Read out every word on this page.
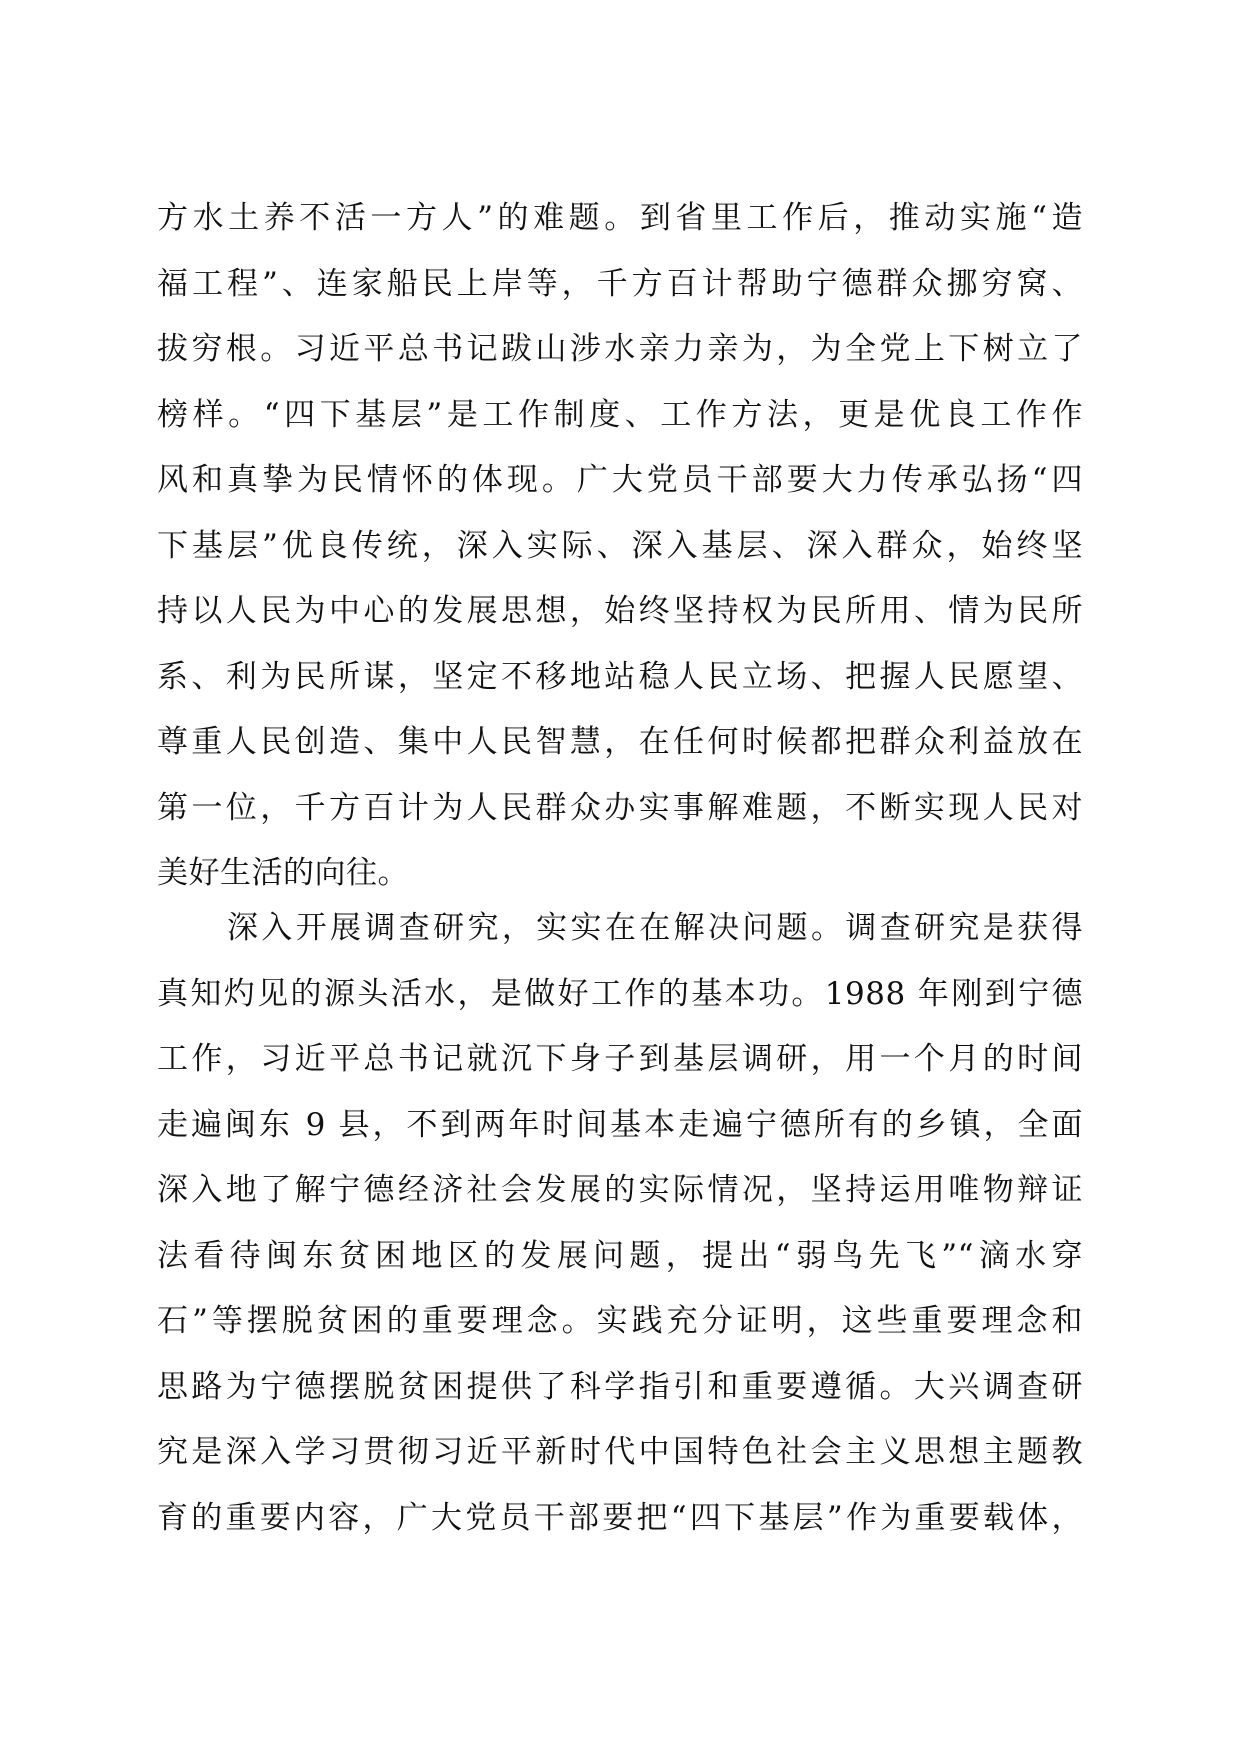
方水土养不活一方人”的难题。到省里工作后，推动实施“造
福工程”、连家船民上岸等，千方百计帮助宁德群众挪穷窝、
拔穷根。习近平总书记跋山涉水亲力亲为，为全党上下树立了
榜样。“四下基层”是工作制度、工作方法，更是优良工作作
风和真挚为民情怀的体现。广大党员干部要大力传承弘扬“四
下基层”优良传统，深入实际、深入基层、深入群众，始终坚
持以人民为中心的发展思想，始终坚持权为民所用、情为民所
系、利为民所谋，坚定不移地站稳人民立场、把握人民愿望、
尊重人民创造、集中人民智慧，在任何时候都把群众利益放在
第一位，千方百计为人民群众办实事解难题，不断实现人民对
美好生活的向往。
深入开展调查研究，实实在在解决问题。调查研究是获得
真知灼见的源头活水，是做好工作的基本功。1988 年刚到宁德
工作，习近平总书记就沉下身子到基层调研，用一个月的时间
走遍闽东 9 县，不到两年时间基本走遍宁德所有的乡镇，全面
深入地了解宁德经济社会发展的实际情况，坚持运用唯物辩证
法看待闽东贫困地区的发展问题，提出“弱鸟先飞”“滴水穿
石”等摆脱贫困的重要理念。实践充分证明，这些重要理念和
思路为宁德摆脱贫困提供了科学指引和重要遵循。大兴调查研
究是深入学习贯彻习近平新时代中国特色社会主义思想主题教
育的重要内容，广大党员干部要把“四下基层”作为重要载体，
